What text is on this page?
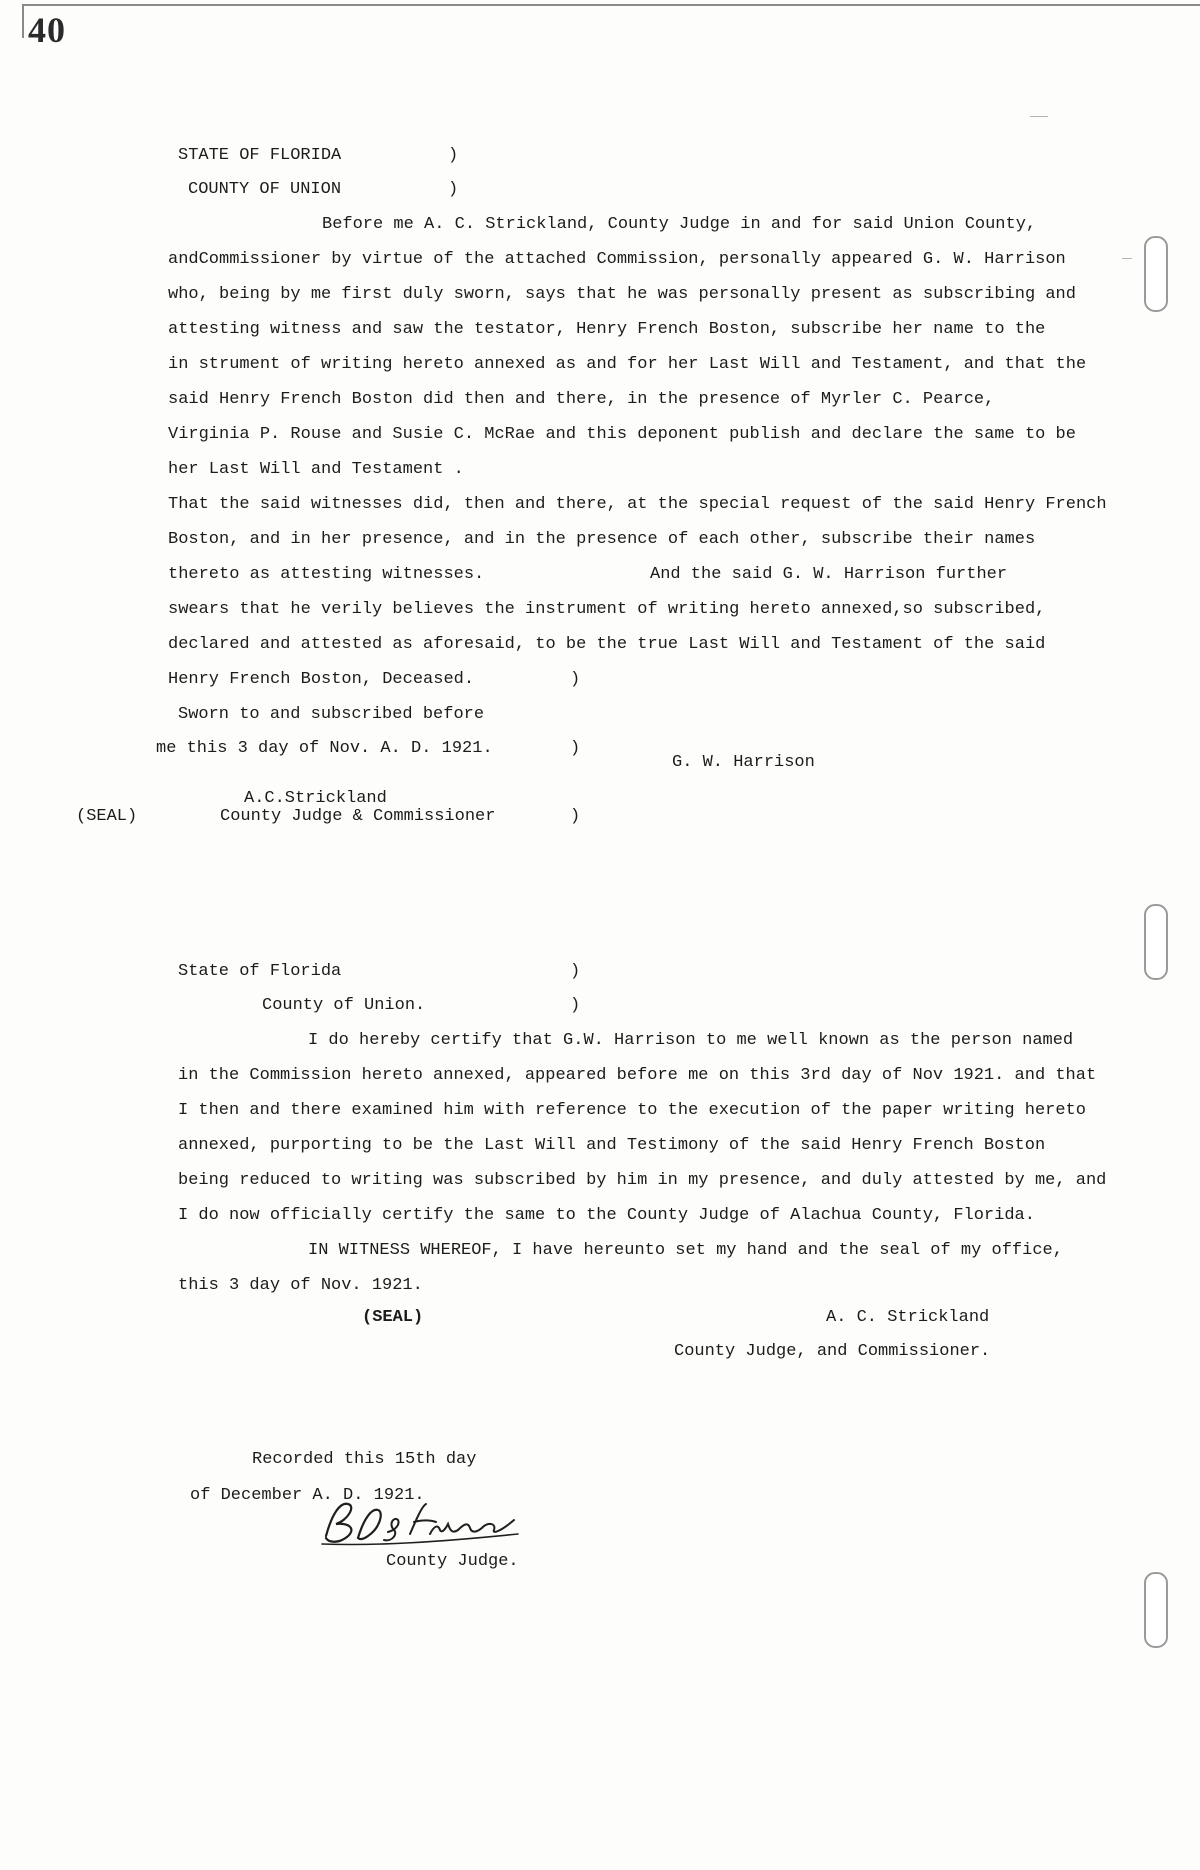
40
STATE OF FLORIDA	)
COUNTY OF UNION	)
Before me A. C. Strickland, County Judge in and for said Union County,
andCommissioner by virtue of the attached Commission, personally appeared G. W. Harrison
who, being by me first duly sworn, says that he was personally present as subscribing and
attesting witness and saw the testator, Henry French Boston, subscribe her name to the
in strument of writing hereto annexed as and for her Last Will and Testament, and that the
said Henry French Boston did then and there, in the presence of Myrler C. Pearce,
Virginia P. Rouse and Susie C. McRae and this deponent publish and declare the same to be
her Last Will and Testament .
That the said witnesses did, then and there, at the special request of the said Henry French
Boston, and in her presence, and in the presence of each other, subscribe their names
thereto as attesting witnesses.	And the said G. W. Harrison further
swears that he verily believes the instrument of writing hereto annexed,so subscribed,
declared and attested as aforesaid, to be the true Last Will and Testament of the said
Henry French Boston, Deceased.	)
Sworn to and subscribed before
me this 3 day of Nov. A. D. 1921.	)
G. W. Harrison
A.C.Strickland
(SEAL)	County Judge & Commissioner	)
State of Florida	)
County of Union.	)
I do hereby certify that G.W. Harrison to me well known as the person named
in the Commission hereto annexed, appeared before me on this 3rd day of Nov 1921. and that
I then and there examined him with reference to the execution of the paper writing hereto
annexed, purporting to be the Last Will and Testimony of the said Henry French Boston
being reduced to writing was subscribed by him in my presence, and duly attested by me, and
I do now officially certify the same to the County Judge of Alachua County, Florida.
IN WITNESS WHEREOF, I have hereunto set my hand and the seal of my office,
this 3 day of Nov. 1921.
(SEAL)	A. C. Strickland
County Judge, and Commissioner.
Recorded this 15th day
of December A. D. 1921.
County Judge.
